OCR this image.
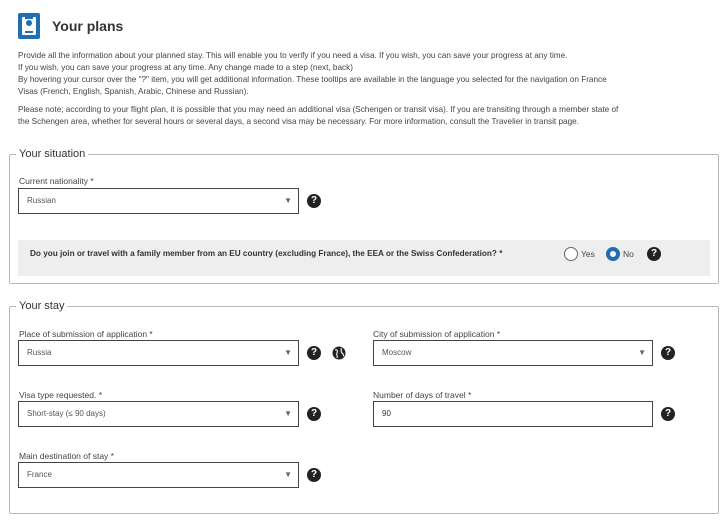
Your plans

Provide all the information about your planned stay. This will enable you to verify if you need a visa. If you wish, you can save your progress at any time.

If you wish, you can save your progress at any time. Any change made to a step (next, back)

By hovering your cursor over the "?" item, you will get additional information. These tooltips are available in the language you selected for the navigation on France

Visas (French, English, Spanish, Arabic, Chinese and Russian).

Please note; according to your flight plan, it is possible that you may need an additional visa (Schengen or transit visa). If you are transiting through a member state of

the Schengen area, whether for several hours or several days, a second visa may be necessary. For more information, consult the Travelier in transit page.

Your situation
Current nationality *
Russian	▼	?
Do you join or travel with a family member from an EU country (excluding France), the EEA or the Swiss Confederation? *	Yes	No	?
Your stay
Place of submission of application *
Russia	▼	?
City of submission of application *
Moscow	▼	?
Visa type requested. *
Short-stay (≤ 90 days)	▼	?
Number of days of travel *
90	?
Main destination of stay *
France	▼	?
